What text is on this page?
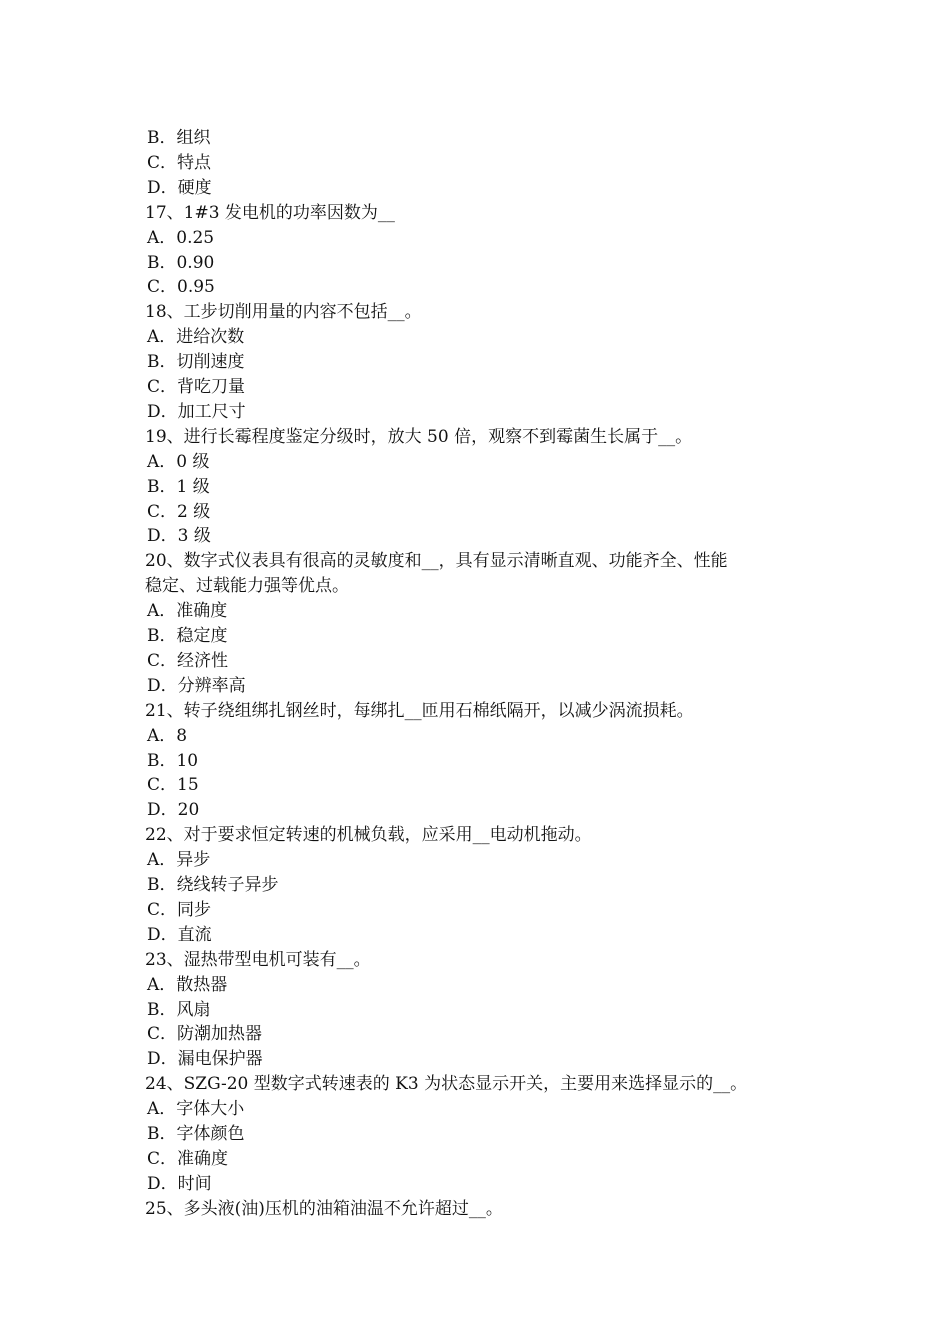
B．组织
C．特点
D．硬度
17、1#3 发电机的功率因数为__
A．0.25
B．0.90
C．0.95
18、工步切削用量的内容不包括__。
A．进给次数
B．切削速度
C．背吃刀量
D．加工尺寸
19、进行长霉程度鉴定分级时，放大 50 倍，观察不到霉菌生长属于__。
A．0 级
B．1 级
C．2 级
D．3 级
20、数字式仪表具有很高的灵敏度和__，具有显示清晰直观、功能齐全、性能
稳定、过载能力强等优点。
A．准确度
B．稳定度
C．经济性
D．分辨率高
21、转子绕组绑扎钢丝时，每绑扎__匝用石棉纸隔开，以减少涡流损耗。
A．8
B．10
C．15
D．20
22、对于要求恒定转速的机械负载，应采用__电动机拖动。
A．异步
B．绕线转子异步
C．同步
D．直流
23、湿热带型电机可装有__。
A．散热器
B．风扇
C．防潮加热器
D．漏电保护器
24、SZG-20 型数字式转速表的 K3 为状态显示开关，主要用来选择显示的__。
A．字体大小
B．字体颜色
C．准确度
D．时间
25、多头液(油)压机的油箱油温不允许超过__。
